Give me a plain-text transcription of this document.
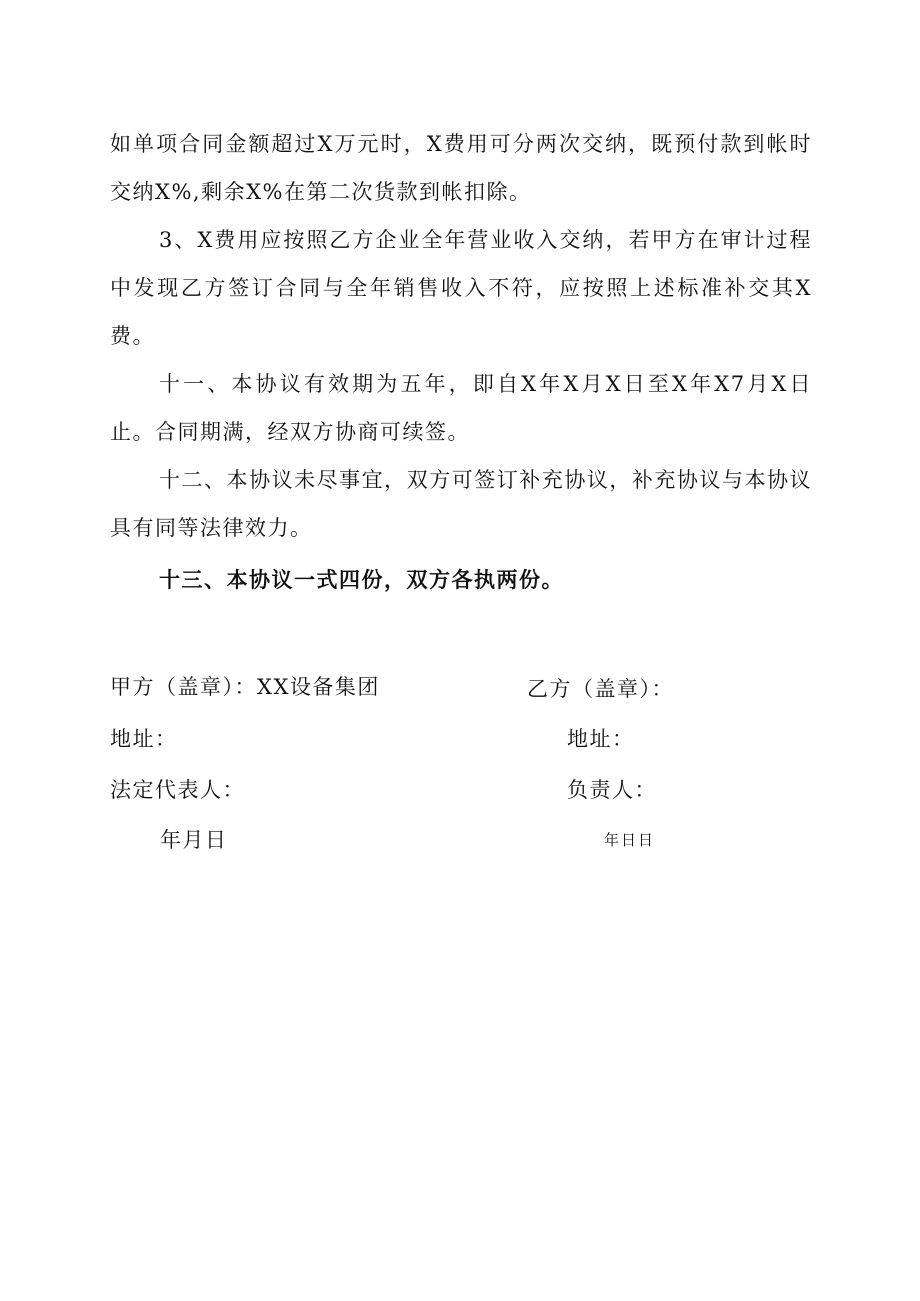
如单项合同金额超过X万元时，X费用可分两次交纳，既预付款到帐时交纳X%,剩余X%在第二次货款到帐扣除。

3、X费用应按照乙方企业全年营业收入交纳，若甲方在审计过程中发现乙方签订合同与全年销售收入不符，应按照上述标准补交其X费。

十一、本协议有效期为五年，即自X年X月X日至X年X7月X日止。合同期满，经双方协商可续签。

十二、本协议未尽事宜，双方可签订补充协议，补充协议与本协议具有同等法律效力。

十三、本协议一式四份，双方各执两份。

甲方（盖章）：XX设备集团	乙方（盖章）：
地址：	地址：
法定代表人：	负责人：
年月日	年日日
